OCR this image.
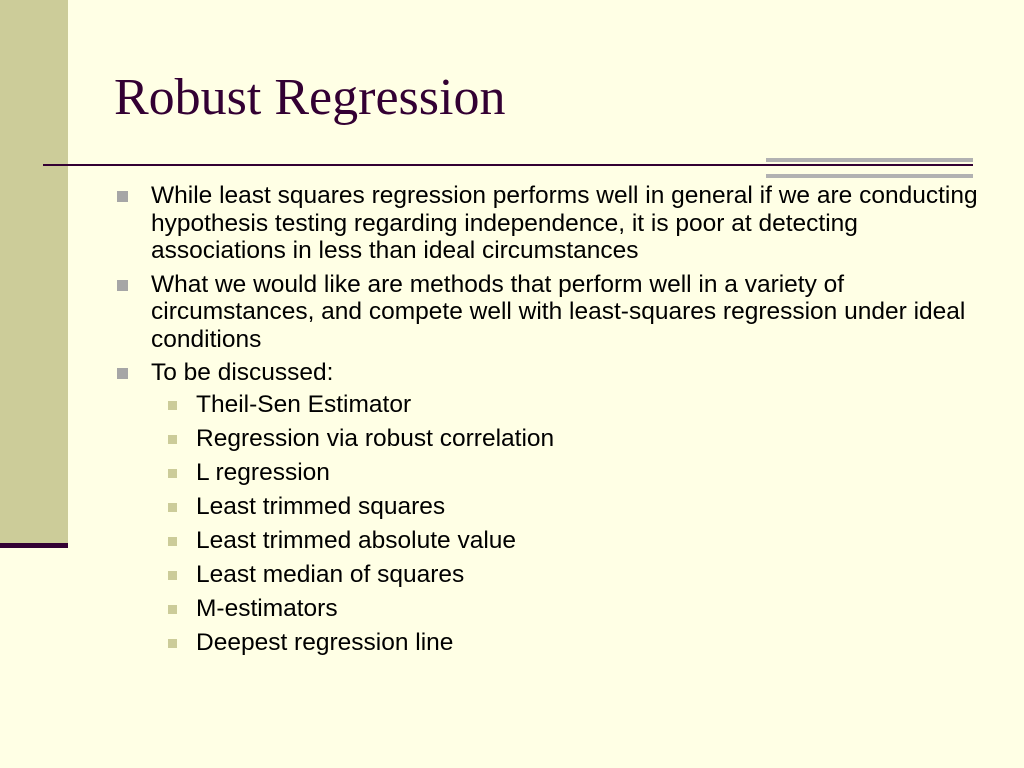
Robust Regression
While least squares regression performs well in general if we are conducting hypothesis testing regarding independence, it is poor at detecting associations in less than ideal circumstances
What we would like are methods that perform well in a variety of circumstances, and compete well with least-squares regression under ideal conditions
To be discussed:
Theil-Sen Estimator
Regression via robust correlation
L regression
Least trimmed squares
Least trimmed absolute value
Least median of squares
M-estimators
Deepest regression line
